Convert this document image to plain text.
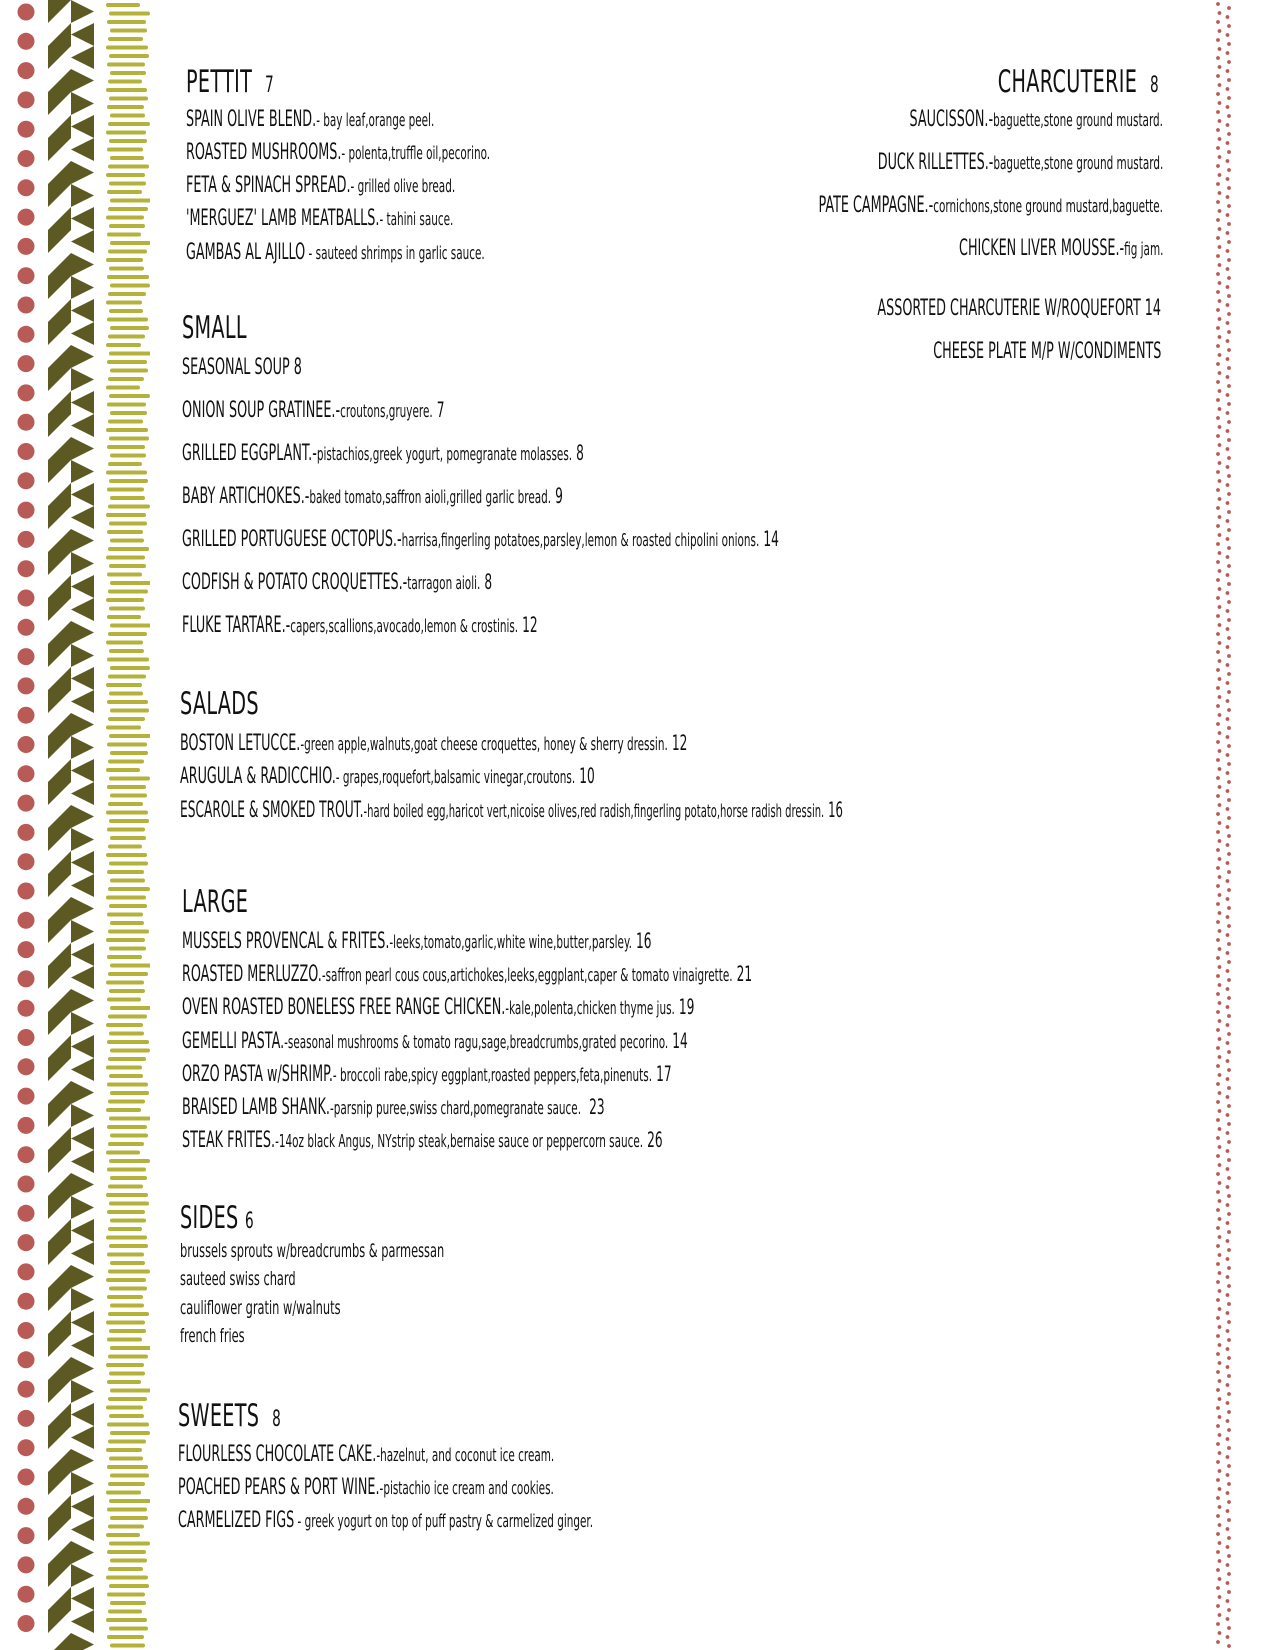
PETTIT 7
SPAIN OLIVE BLEND.- bay leaf,orange peel.
ROASTED MUSHROOMS.- polenta,truffle oil,pecorino.
FETA & SPINACH SPREAD.- grilled olive bread.
'MERGUEZ' LAMB MEATBALLS.- tahini sauce.
GAMBAS AL AJILLO - sauteed shrimps in garlic sauce.
CHARCUTERIE 8
SAUCISSON.-baguette,stone ground mustard.
DUCK RILLETTES.-baguette,stone ground mustard.
PATE CAMPAGNE.-cornichons,stone ground mustard,baguette.
CHICKEN LIVER MOUSSE.-fig jam.
ASSORTED CHARCUTERIE W/ROQUEFORT 14
CHEESE PLATE M/P W/CONDIMENTS
SMALL
SEASONAL SOUP 8
ONION SOUP GRATINEE.-croutons,gruyere. 7
GRILLED EGGPLANT.-pistachios,greek yogurt, pomegranate molasses. 8
BABY ARTICHOKES.-baked tomato,saffron aioli,grilled garlic bread. 9
GRILLED PORTUGUESE OCTOPUS.-harrisa,fingerling potatoes,parsley,lemon & roasted chipolini onions. 14
CODFISH & POTATO CROQUETTES.-tarragon aioli. 8
FLUKE TARTARE.-capers,scallions,avocado,lemon & crostinis. 12
SALADS
BOSTON LETUCCE.-green apple,walnuts,goat cheese croquettes, honey & sherry dressin. 12
ARUGULA & RADICCHIO.- grapes,roquefort,balsamic vinegar,croutons. 10
ESCAROLE & SMOKED TROUT.-hard boiled egg,haricot vert,nicoise olives,red radish,fingerling potato,horse radish dressin. 16
LARGE
MUSSELS PROVENCAL & FRITES.-leeks,tomato,garlic,white wine,butter,parsley. 16
ROASTED MERLUZZO.-saffron pearl cous cous,artichokes,leeks,eggplant,caper & tomato vinaigrette. 21
OVEN ROASTED BONELESS FREE RANGE CHICKEN.-kale,polenta,chicken thyme jus. 19
GEMELLI PASTA.-seasonal mushrooms & tomato ragu,sage,breadcrumbs,grated pecorino. 14
ORZO PASTA w/SHRIMP.- broccoli rabe,spicy eggplant,roasted peppers,feta,pinenuts. 17
BRAISED LAMB SHANK.-parsnip puree,swiss chard,pomegranate sauce. 23
STEAK FRITES.-14oz black Angus, NYstrip steak,bernaise sauce or peppercorn sauce. 26
SIDES 6
brussels sprouts w/breadcrumbs & parmessan
sauteed swiss chard
cauliflower gratin w/walnuts
french fries
SWEETS 8
FLOURLESS CHOCOLATE CAKE.-hazelnut, and coconut ice cream.
POACHED PEARS & PORT WINE.-pistachio ice cream and cookies.
CARMELIZED FIGS - greek yogurt on top of puff pastry & carmelized ginger.
